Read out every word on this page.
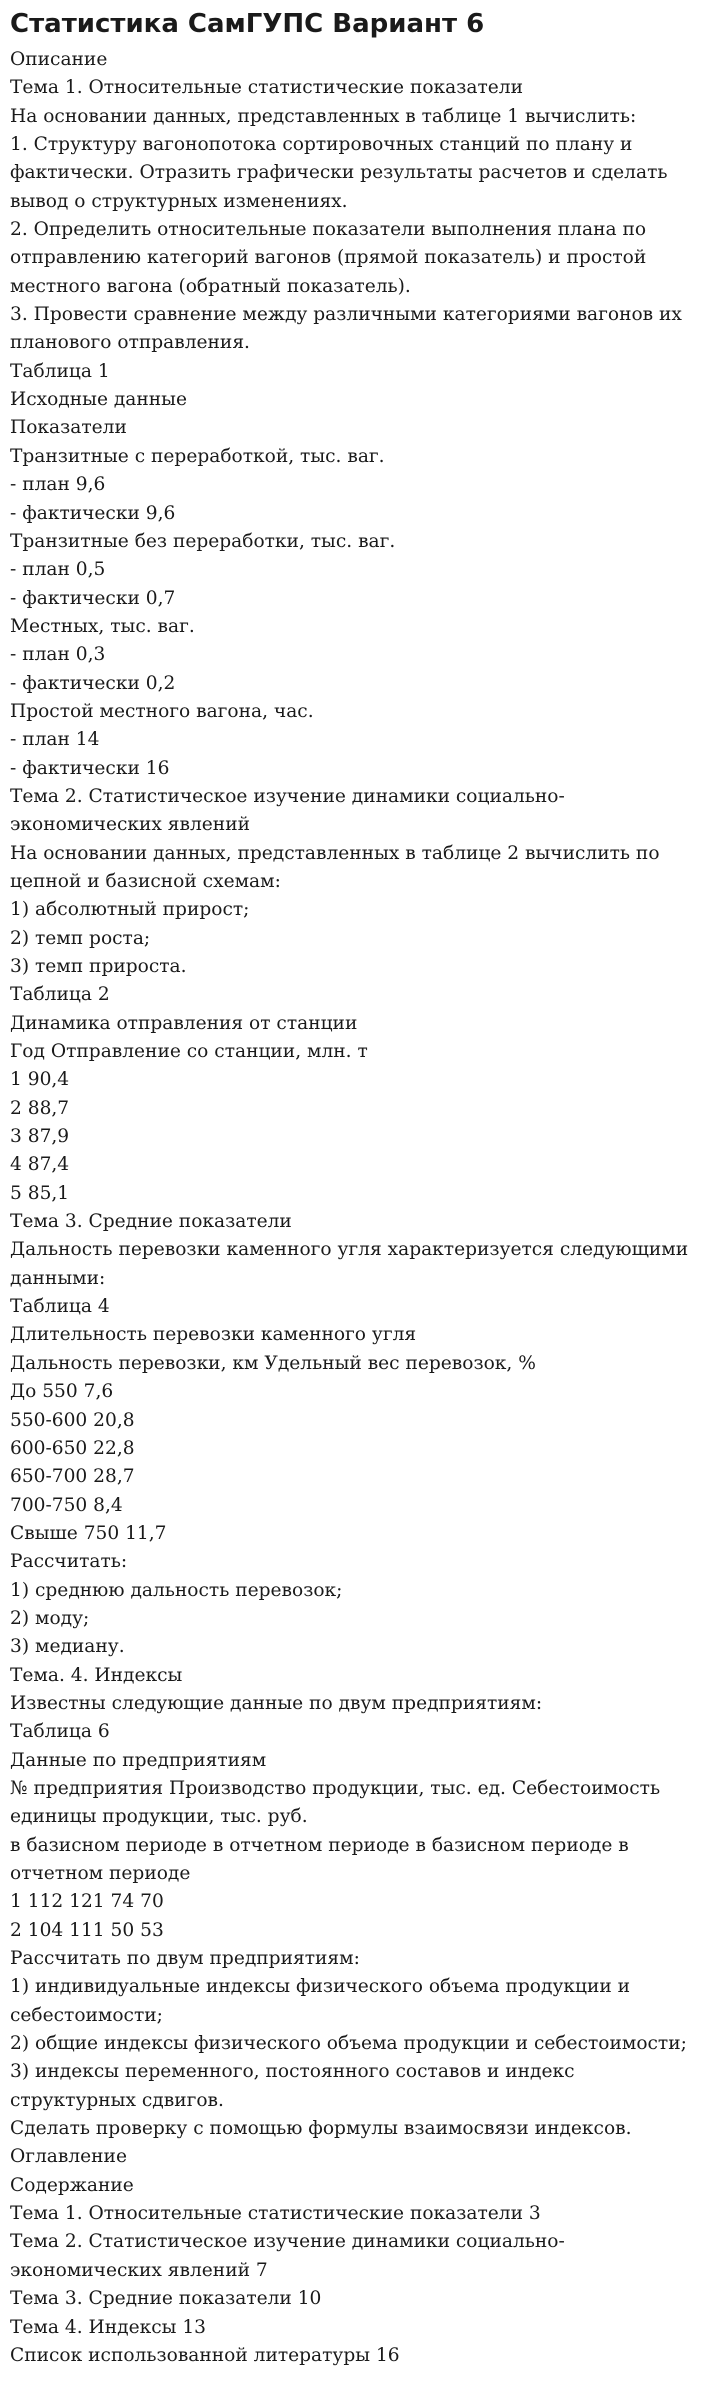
Статистика СамГУПС Вариант 6

Описание

Тема 1. Относительные статистические показатели

На основании данных, представленных в таблице 1 вычислить:

1. Структуру вагонопотока сортировочных станций по плану и

фактически. Отразить графически результаты расчетов и сделать

вывод о структурных изменениях.

2. Определить относительные показатели выполнения плана по

отправлению категорий вагонов (прямой показатель) и простой

местного вагона (обратный показатель).

3. Провести сравнение между различными категориями вагонов их

планового отправления.

Таблица 1

Исходные данные

Показатели

Транзитные с переработкой, тыс. ваг.

- план 9,6

- фактически 9,6

Транзитные без переработки, тыс. ваг.

- план 0,5

- фактически 0,7

Местных, тыс. ваг.

- план 0,3

- фактически 0,2

Простой местного вагона, час.

- план 14

- фактически 16

Тема 2. Статистическое изучение динамики социально-

экономических явлений

На основании данных, представленных в таблице 2 вычислить по

цепной и базисной схемам:

1) абсолютный прирост;

2) темп роста;

3) темп прироста.

Таблица 2

Динамика отправления от станции

Год Отправление со станции, млн. т

1 90,4

2 88,7

3 87,9

4 87,4

5 85,1

Тема 3. Средние показатели

Дальность перевозки каменного угля характеризуется следующими

данными:

Таблица 4

Длительность перевозки каменного угля

Дальность перевозки, км Удельный вес перевозок, %

До 550 7,6

550-600 20,8

600-650 22,8

650-700 28,7

700-750 8,4

Свыше 750 11,7

Рассчитать:

1) среднюю дальность перевозок;

2) моду;

3) медиану.

Тема. 4. Индексы

Известны следующие данные по двум предприятиям:

Таблица 6

Данные по предприятиям

№ предприятия Производство продукции, тыс. ед. Себестоимость

единицы продукции, тыс. руб.

в базисном периоде в отчетном периоде в базисном периоде в

отчетном периоде

1 112 121 74 70

2 104 111 50 53

Рассчитать по двум предприятиям:

1) индивидуальные индексы физического объема продукции и

себестоимости;

2) общие индексы физического объема продукции и себестоимости;

3) индексы переменного, постоянного составов и индекс

структурных сдвигов.

Сделать проверку с помощью формулы взаимосвязи индексов.

Оглавление

Содержание

Тема 1. Относительные статистические показатели 3

Тема 2. Статистическое изучение динамики социально-

экономических явлений 7

Тема 3. Средние показатели 10

Тема 4. Индексы 13

Список использованной литературы 16
